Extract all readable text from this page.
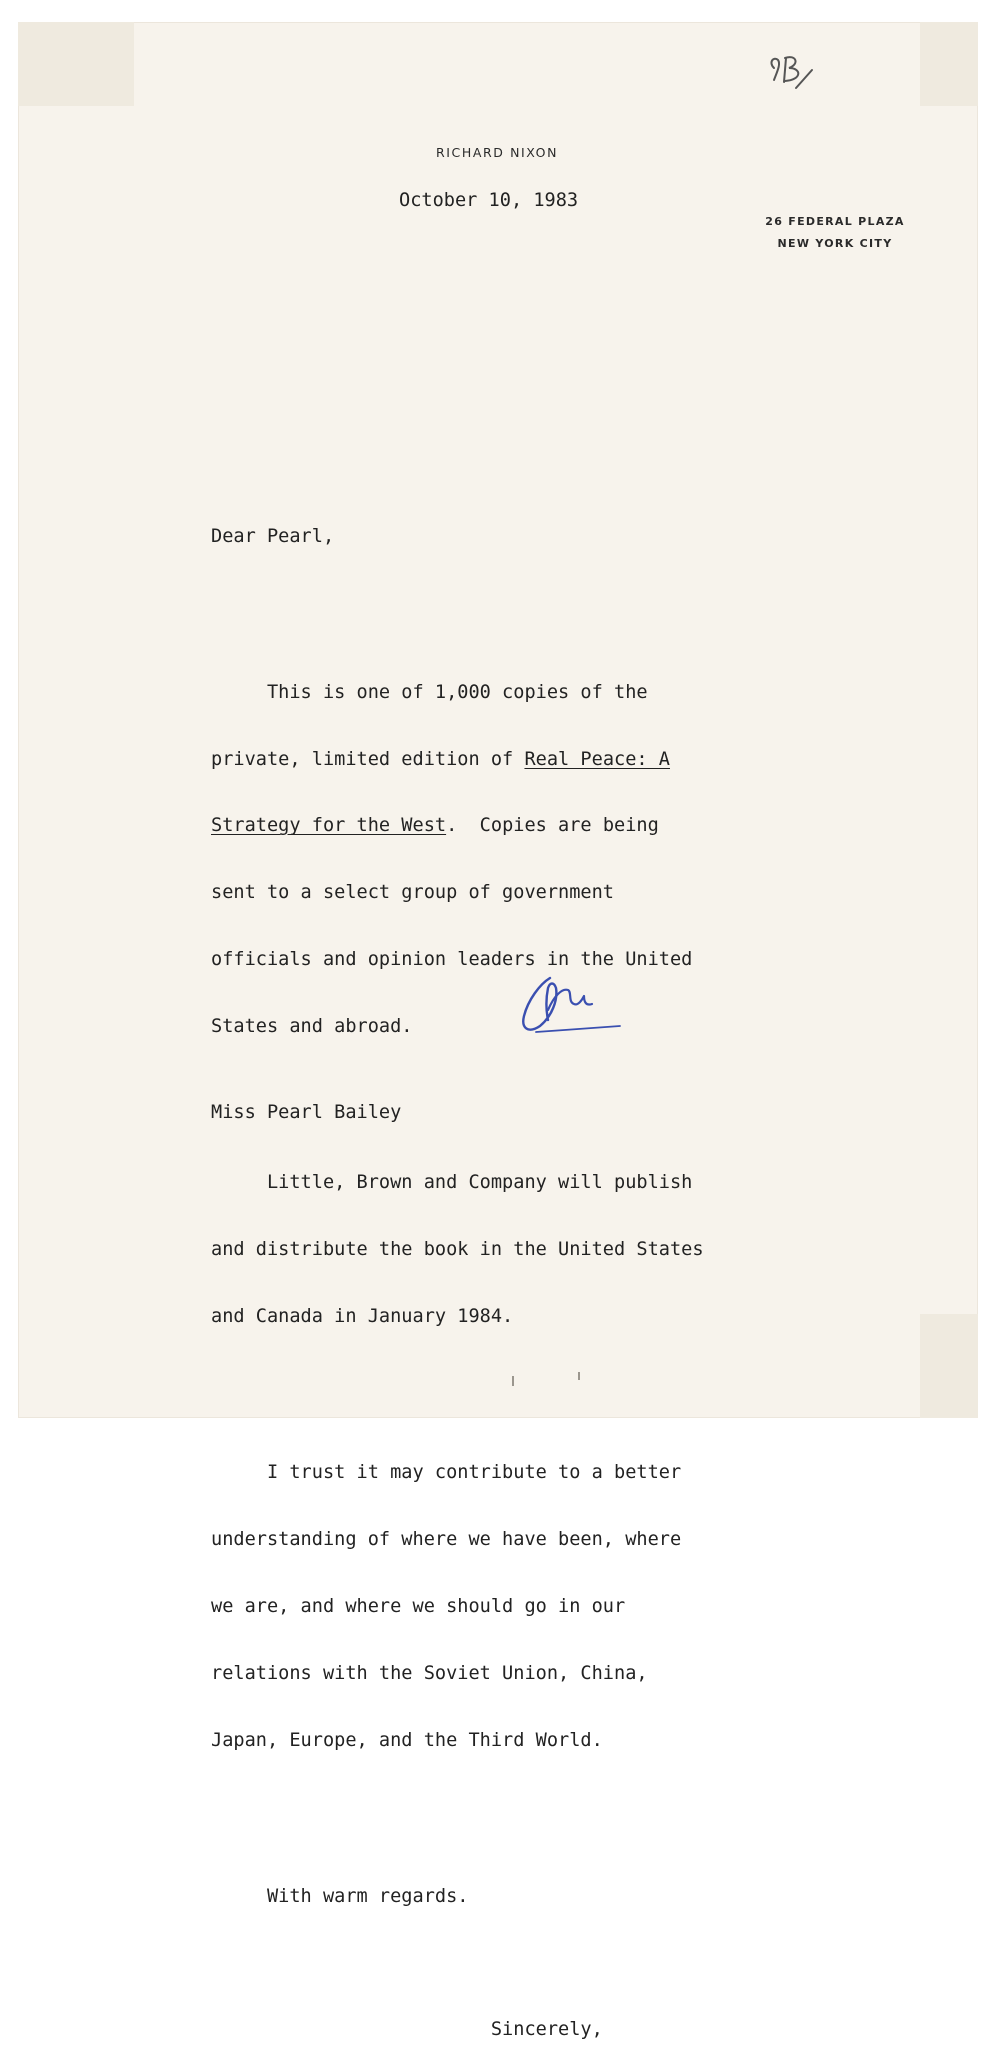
RICHARD NIXON
26 FEDERAL PLAZA
NEW YORK CITY
October 10, 1983

Dear Pearl,

This is one of 1,000 copies of the

private, limited edition of Real Peace: A

Strategy for the West.  Copies are being

sent to a select group of government

officials and opinion leaders in the United

States and abroad.

Little, Brown and Company will publish

and distribute the book in the United States

and Canada in January 1984.

I trust it may contribute to a better

understanding of where we have been, where

we are, and where we should go in our

relations with the Soviet Union, China,

Japan, Europe, and the Third World.

With warm regards.

Sincerely,

Miss Pearl Bailey
